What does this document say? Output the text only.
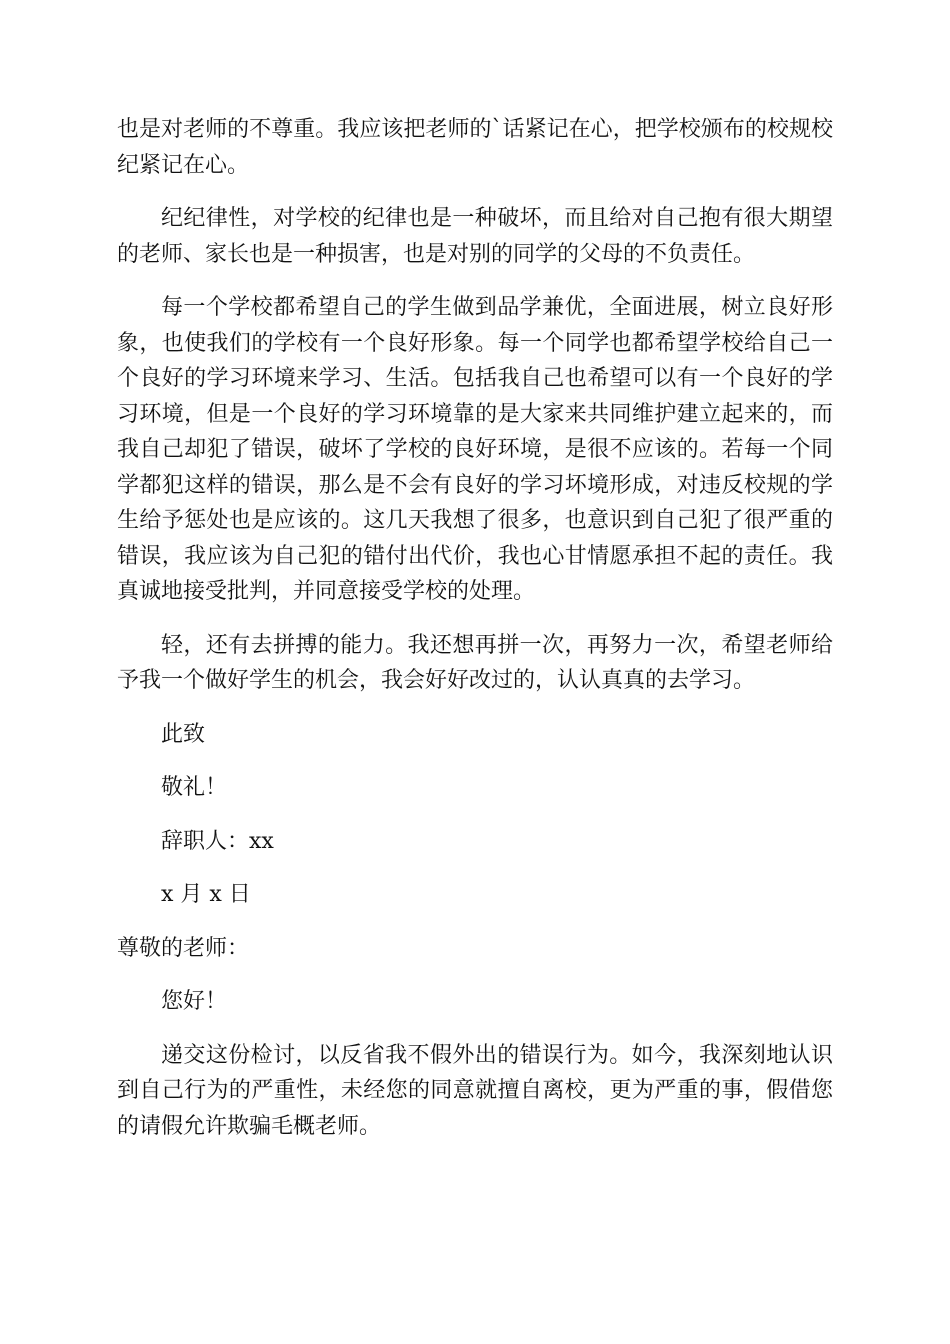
也是对老师的不尊重。我应该把老师的`话紧记在心，把学校颁布的校规校纪紧记在心。

纪纪律性，对学校的纪律也是一种破坏，而且给对自己抱有很大期望的老师、家长也是一种损害，也是对别的同学的父母的不负责任。

每一个学校都希望自己的学生做到品学兼优，全面进展，树立良好形象，也使我们的学校有一个良好形象。每一个同学也都希望学校给自己一个良好的学习环境来学习、生活。包括我自己也希望可以有一个良好的学习环境，但是一个良好的学习环境靠的是大家来共同维护建立起来的，而我自己却犯了错误，破坏了学校的良好环境，是很不应该的。若每一个同学都犯这样的错误，那么是不会有良好的学习坏境形成，对违反校规的学生给予惩处也是应该的。这几天我想了很多，也意识到自己犯了很严重的错误，我应该为自己犯的错付出代价，我也心甘情愿承担不起的责任。我真诚地接受批判，并同意接受学校的处理。

轻，还有去拼搏的能力。我还想再拼一次，再努力一次，希望老师给予我一个做好学生的机会，我会好好改过的，认认真真的去学习。

此致

敬礼！

辞职人：xx

x 月 x 日

尊敬的老师：

您好！

递交这份检讨，以反省我不假外出的错误行为。如今，我深刻地认识到自己行为的严重性，未经您的同意就擅自离校，更为严重的事，假借您的请假允许欺骗毛概老师。
